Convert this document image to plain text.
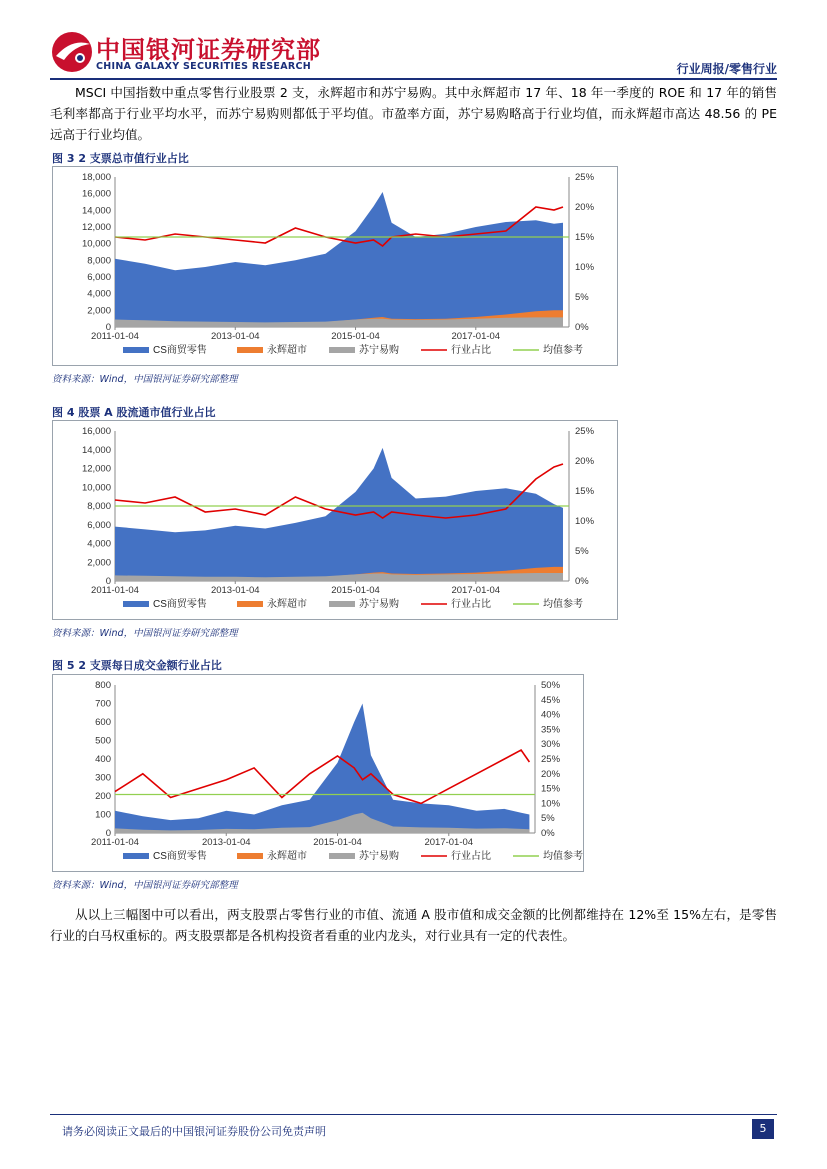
中国银河证券研究部
CHINA GALAXY SECURITIES RESEARCH	行业周报/零售行业
MSCI 中国指数中重点零售行业股票 2 支，永辉超市和苏宁易购。其中永辉超市 17 年、18 年一季度的 ROE 和 17 年的销售毛利率都高于行业平均水平，而苏宁易购则都低于平均值。市盈率方面，苏宁易购略高于行业均值，而永辉超市高达 48.56 的 PE 远高于行业均值。
图 3 2 支票总市值行业占比
0
2,000
4,000
6,000
8,000
10,000
12,000
14,000
16,000
18,000
0%
5%
10%
15%
20%
25%
2011-01-04	2013-01-04	2015-01-04	2017-01-04
CS商贸零售	永辉超市	苏宁易购	行业占比	均值参考
资料来源：Wind，中国银河证券研究部整理
图 4 股票 A 股流通市值行业占比
0
2,000
4,000
6,000
8,000
10,000
12,000
14,000
16,000
0%
5%
10%
15%
20%
25%
2011-01-04	2013-01-04	2015-01-04	2017-01-04
CS商贸零售	永辉超市	苏宁易购	行业占比	均值参考
资料来源：Wind，中国银河证券研究部整理
图 5 2 支票每日成交金额行业占比
0
100
200
300
400
500
600
700
800
0%
5%
10%
15%
20%
25%
30%
35%
40%
45%
50%
2011-01-04	2013-01-04	2015-01-04	2017-01-04
CS商贸零售	永辉超市	苏宁易购	行业占比	均值参考
资料来源：Wind，中国银河证券研究部整理
从以上三幅图中可以看出，两支股票占零售行业的市值、流通 A 股市值和成交金额的比例都维持在 12%至 15%左右，是零售行业的白马权重标的。两支股票都是各机构投资者看重的业内龙头，对行业具有一定的代表性。
请务必阅读正文最后的中国银河证券股份公司免责声明	5
